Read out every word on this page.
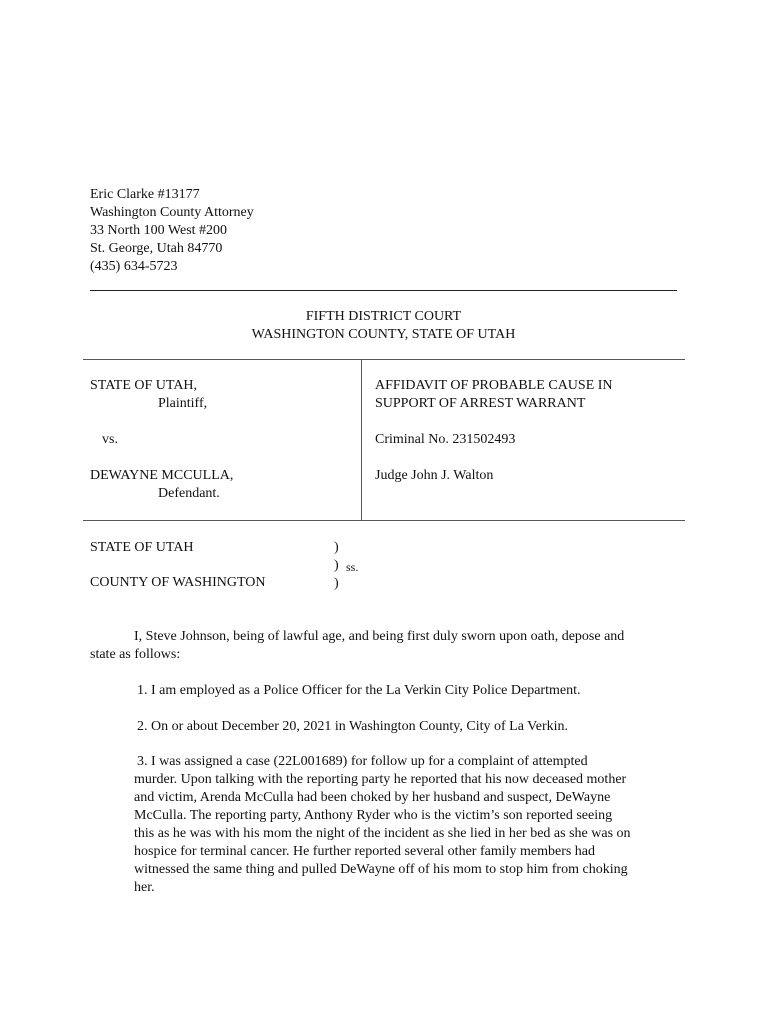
Eric Clarke #13177
Washington County Attorney
33 North 100 West #200
St. George, Utah 84770
(435) 634-5723
FIFTH DISTRICT COURT
WASHINGTON COUNTY, STATE OF UTAH
STATE OF UTAH,
Plaintiff,
vs.
DEWAYNE MCCULLA,
Defendant.
AFFIDAVIT OF PROBABLE CAUSE IN
SUPPORT OF ARREST WARRANT
Criminal No. 231502493
Judge John J. Walton
STATE OF UTAH
COUNTY OF WASHINGTON
)
)
)
ss.
I, Steve Johnson, being of lawful age, and being first duly sworn upon oath, depose and
state as follows:
1. I am employed as a Police Officer for the La Verkin City Police Department.
2. On or about December 20, 2021 in Washington County, City of La Verkin.
3. I was assigned a case (22L001689) for follow up for a complaint of attempted
murder. Upon talking with the reporting party he reported that his now deceased mother
and victim, Arenda McCulla had been choked by her husband and suspect, DeWayne
McCulla. The reporting party, Anthony Ryder who is the victim’s son reported seeing
this as he was with his mom the night of the incident as she lied in her bed as she was on
hospice for terminal cancer. He further reported several other family members had
witnessed the same thing and pulled DeWayne off of his mom to stop him from choking
her.
